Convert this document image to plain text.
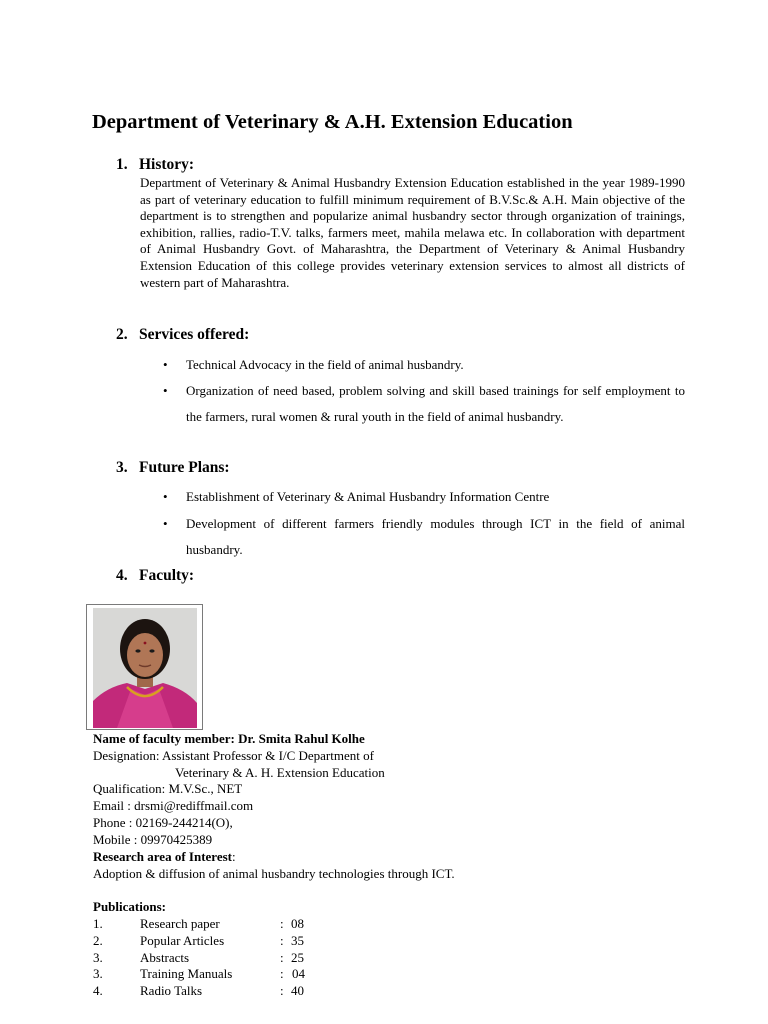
Department of Veterinary & A.H. Extension Education
1. History:
Department of Veterinary & Animal Husbandry Extension Education established in the year 1989-1990 as part of veterinary education to fulfill minimum requirement of B.V.Sc.& A.H. Main objective of the department is to strengthen and popularize animal husbandry sector through organization of trainings, exhibition, rallies, radio-T.V. talks, farmers meet, mahila melawa etc. In collaboration with department of Animal Husbandry Govt. of Maharashtra, the Department of Veterinary & Animal Husbandry Extension Education of this college provides veterinary extension services to almost all districts of western part of Maharashtra.
2. Services offered:
• Technical Advocacy in the field of animal husbandry.
• Organization of need based, problem solving and skill based trainings for self employment to the farmers, rural women & rural youth in the field of animal husbandry.
3. Future Plans:
• Establishment of Veterinary & Animal Husbandry Information Centre
• Development of different farmers friendly modules through ICT in the field of animal husbandry.
4. Faculty:
Name of faculty member: Dr. Smita Rahul Kolhe
Designation: Assistant Professor & I/C Department of
Veterinary & A. H. Extension Education
Qualification: M.V.Sc., NET
Email : drsmi@rediffmail.com
Phone : 02169-244214(O),
Mobile : 09970425389
Research area of Interest:
Adoption & diffusion of animal husbandry technologies through ICT.
Publications:
1.	Research paper	: 08
2.	Popular Articles	: 35
3.	Abstracts	: 25
3.	Training Manuals	: 04
4.	Radio Talks	: 40
